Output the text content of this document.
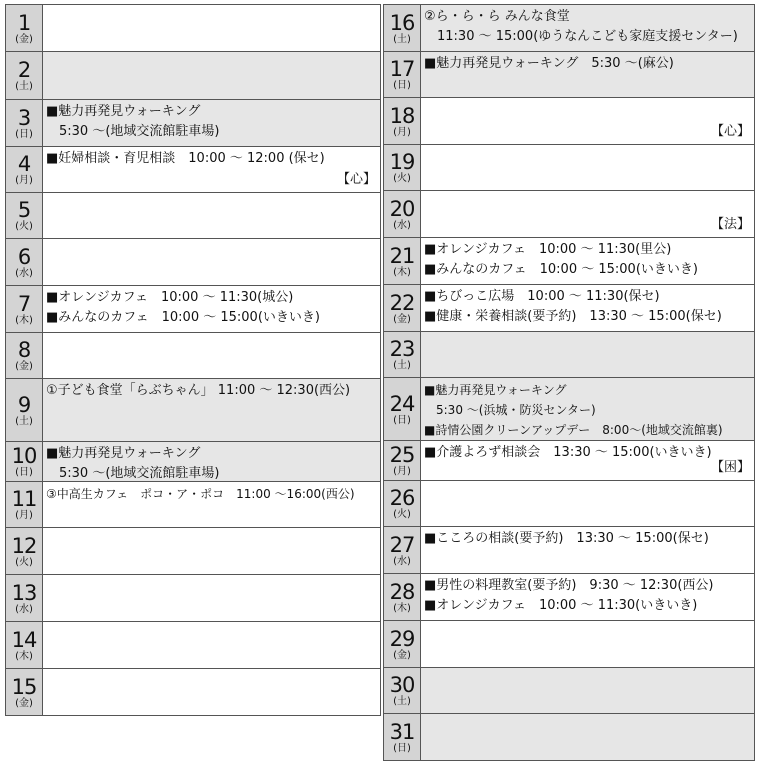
1
(金)
2
(土)
3
(日)
■魅力再発見ウォーキング
　5:30 〜(地域交流館駐車場)
4
(月)
■妊婦相談・育児相談　10:00 〜 12:00 (保セ)
【心】
5
(火)
6
(水)
7
(木)
■オレンジカフェ　10:00 〜 11:30(城公)
■みんなのカフェ　10:00 〜 15:00(いきいき)
8
(金)
9
(土)
①子ども食堂「らぶちゃん」 11:00 〜 12:30(西公)
10
(日)
■魅力再発見ウォーキング
　5:30 〜(地域交流館駐車場)
11
(月)
③中高生カフェ　ポコ・ア・ポコ　11:00 〜16:00(西公)
12
(火)
13
(水)
14
(木)
15
(金)
16
(土)
②ら・ら・ら みんな食堂
　11:30 〜 15:00(ゆうなんこども家庭支援センター)
17
(日)
■魅力再発見ウォーキング　5:30 〜(麻公)
18
(月)	【心】
19
(火)
20
(水)	【法】
21
(木)
■オレンジカフェ　10:00 〜 11:30(里公)
■みんなのカフェ　10:00 〜 15:00(いきいき)
22
(金)
■ちびっこ広場　10:00 〜 11:30(保セ)
■健康・栄養相談(要予約)　13:30 〜 15:00(保セ)
23
(土)
24
(日)
■魅力再発見ウォーキング
　5:30 〜(浜城・防災センター)
■詩情公園クリーンアップデー　8:00〜(地域交流館裏)
25
(月)
■介護よろず相談会　13:30 〜 15:00(いきいき)
【困】
26
(火)
27
(水)
■こころの相談(要予約)　13:30 〜 15:00(保セ)
28
(木)
■男性の料理教室(要予約)　9:30 〜 12:30(西公)
■オレンジカフェ　10:00 〜 11:30(いきいき)
29
(金)
30
(土)
31
(日)
